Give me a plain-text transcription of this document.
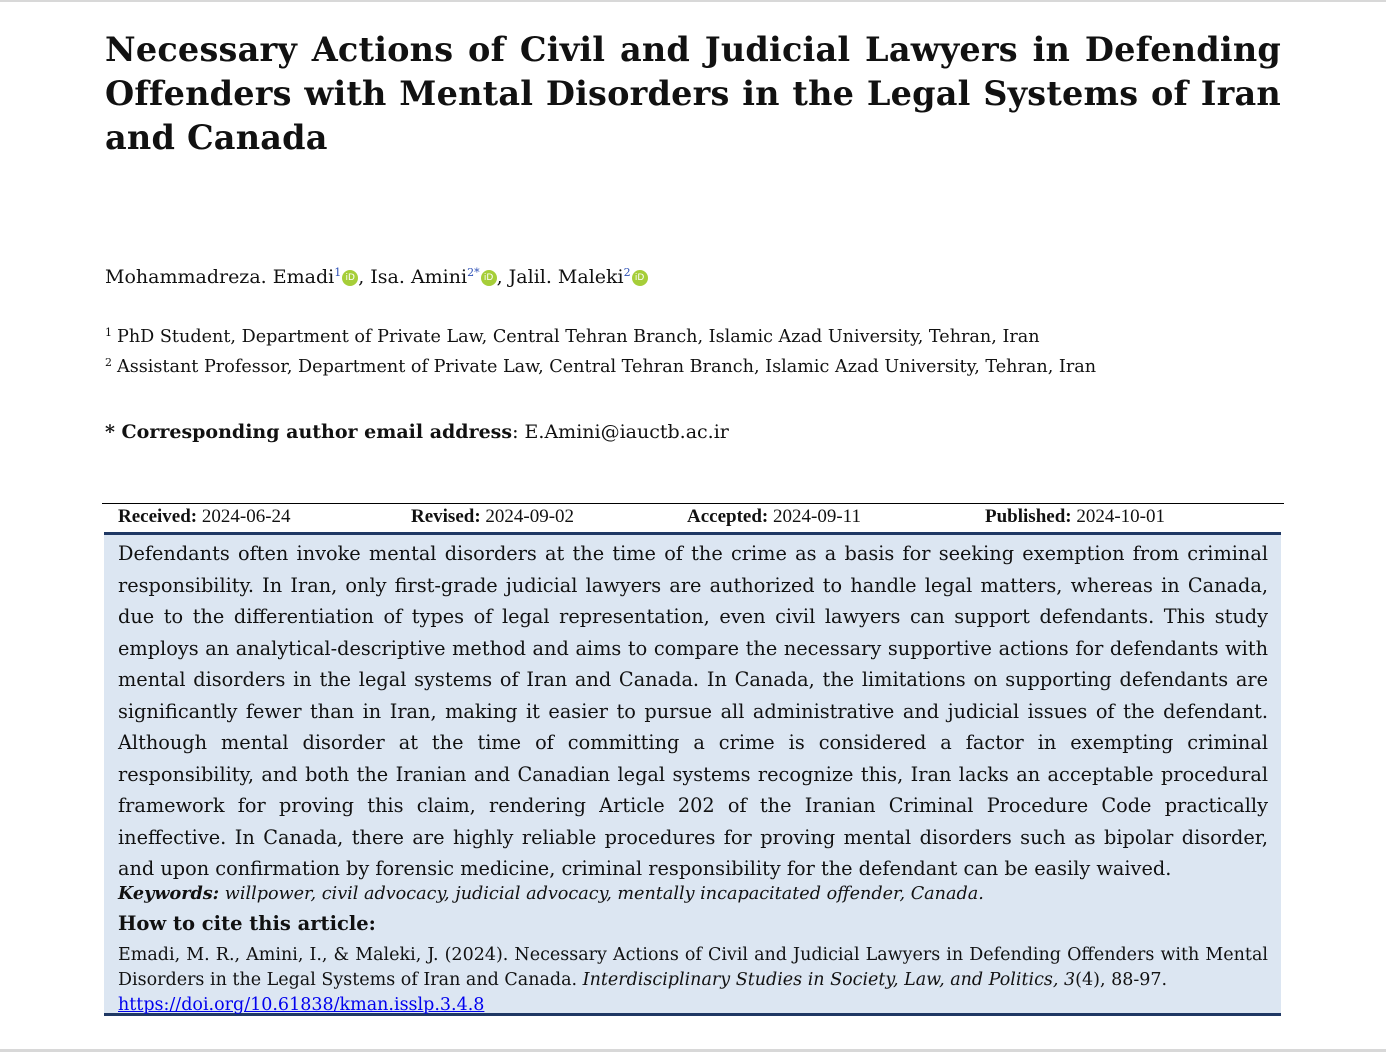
Necessary Actions of Civil and Judicial Lawyers in Defending Offenders with Mental Disorders in the Legal Systems of Iran and Canada
Mohammadreza. Emadi$^1$ iD , Isa. Amini$^{2*}$ iD , Jalil. Maleki$^2$ iD
$^1$ PhD Student, Department of Private Law, Central Tehran Branch, Islamic Azad University, Tehran, Iran
$^2$ Assistant Professor, Department of Private Law, Central Tehran Branch, Islamic Azad University, Tehran, Iran
* Corresponding author email address: E.Amini@iauctb.ac.ir
Received: 2024-06-24	Revised: 2024-09-02	Accepted: 2024-09-11	Published: 2024-10-01

Defendants often invoke mental disorders at the time of the crime as a basis for seeking exemption from criminal responsibility. In Iran, only first-grade judicial lawyers are authorized to handle legal matters, whereas in Canada, due to the differentiation of types of legal representation, even civil lawyers can support defendants. This study employs an analytical-descriptive method and aims to compare the necessary supportive actions for defendants with mental disorders in the legal systems of Iran and Canada. In Canada, the limitations on supporting defendants are significantly fewer than in Iran, making it easier to pursue all administrative and judicial issues of the defendant. Although mental disorder at the time of committing a crime is considered a factor in exempting criminal responsibility, and both the Iranian and Canadian legal systems recognize this, Iran lacks an acceptable procedural framework for proving this claim, rendering Article 202 of the Iranian Criminal Procedure Code practically ineffective. In Canada, there are highly reliable procedures for proving mental disorders such as bipolar disorder, and upon confirmation by forensic medicine, criminal responsibility for the defendant can be easily waived.

Keywords: willpower, civil advocacy, judicial advocacy, mentally incapacitated offender, Canada.
How to cite this article:

Emadi, M. R., Amini, I., & Maleki, J. (2024). Necessary Actions of Civil and Judicial Lawyers in Defending Offenders with Mental Disorders in the Legal Systems of Iran and Canada. Interdisciplinary Studies in Society, Law, and Politics, 3(4), 88-97.
https://doi.org/10.61838/kman.isslp.3.4.8
